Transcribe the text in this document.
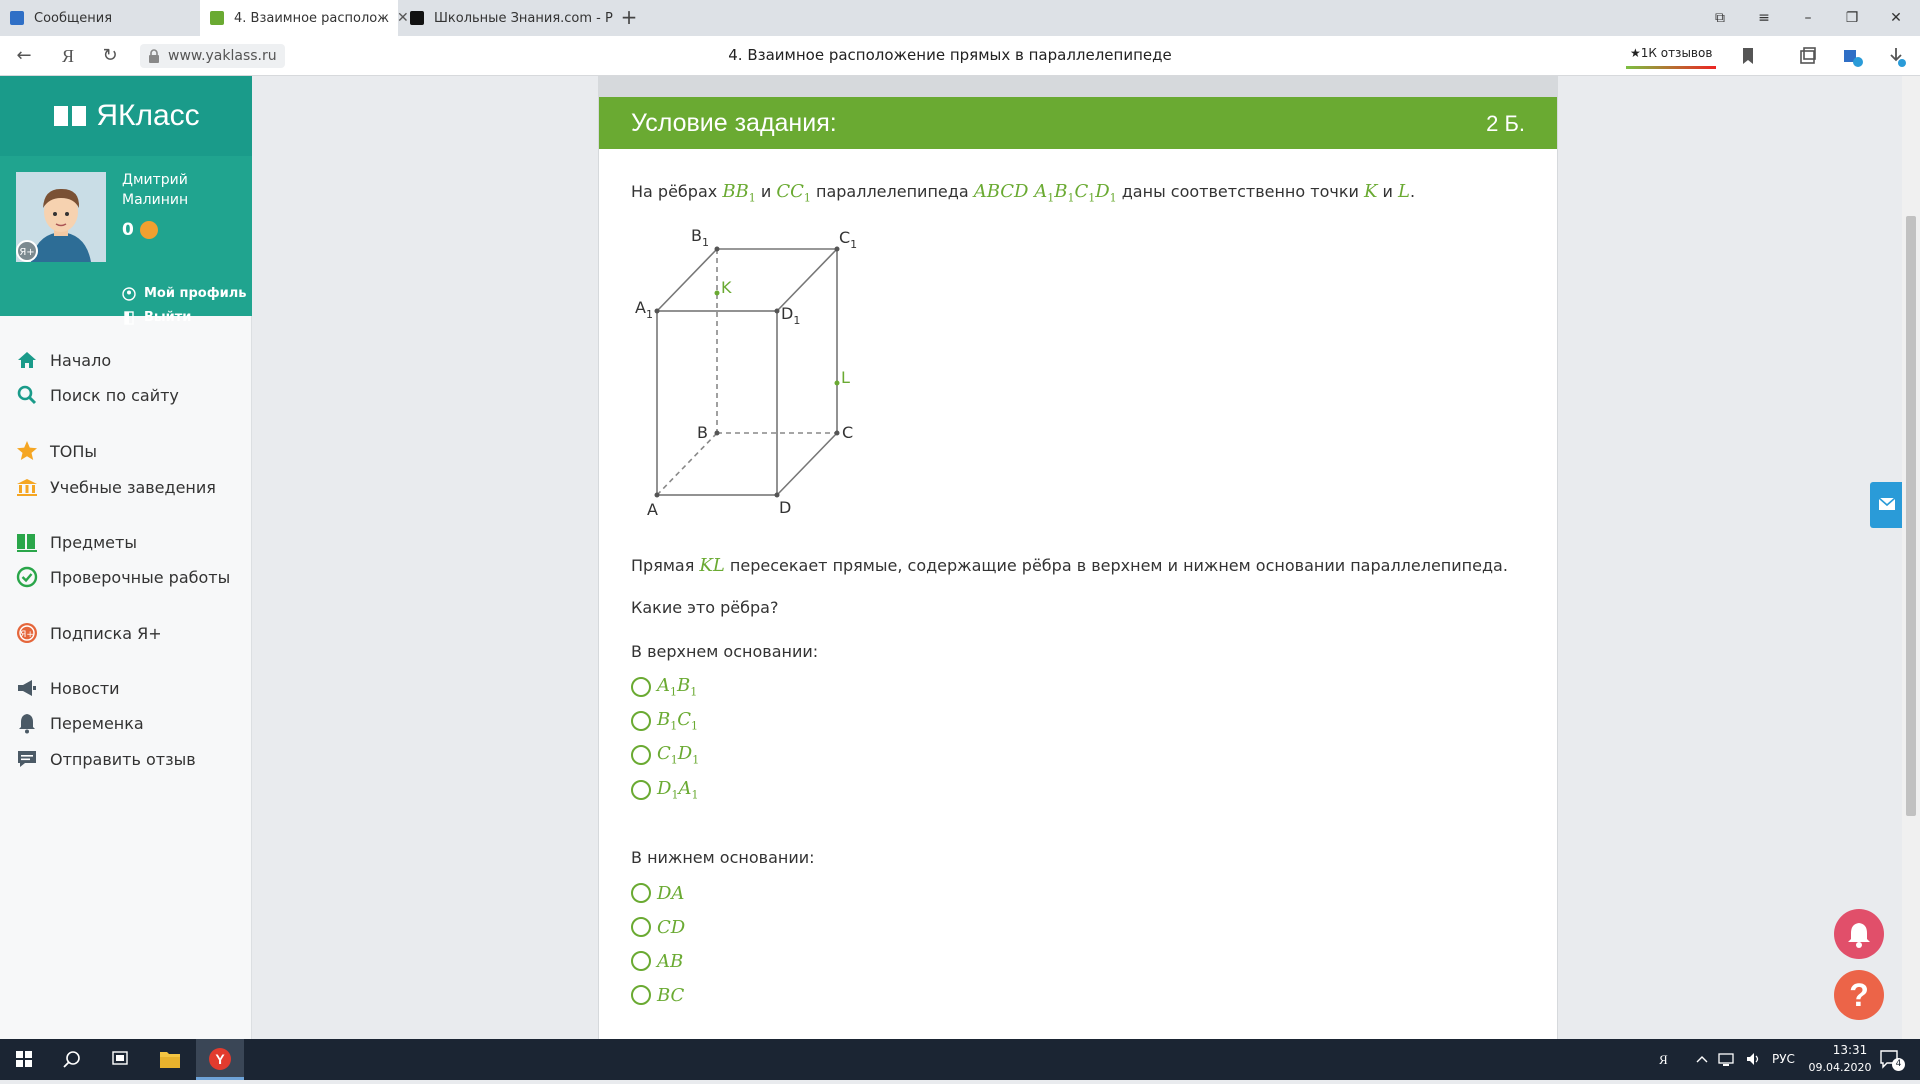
Сообщения	4. Взаимное располож ✕ Школьные Знания.com - Р +	⧉	≡	–	❐	✕
←	Я	↻	www.yaklass.ru	4. Взаимное расположение прямых в параллелепипеде	★1К отзывов
ЯКласс
Я+
Дмитрий Малинин
0
Мой профиль
Выйти
Начало
Поиск по сайту
ТОПы
Учебные заведения
Предметы
Проверочные работы
Я+ Подписка Я+
Новости
Переменка
Отправить отзыв
Условие задания:	2 Б.
На рёбрах $BB_1$ и $CC_1$ параллелепипеда ABCD $A_1B_1C_1D_1$ даны соответственно точки K и L.
$B_1$	$C_1$
$A_1$	$D_1$
B	C
A	D
K
L
Прямая KL пересекает прямые, содержащие рёбра в верхнем и нижнем основании параллелепипеда.
Какие это рёбра?
В верхнем основании:
$A_1B_1$
$B_1C_1$
$C_1D_1$
$D_1A_1$
В нижнем основании:
DA
CD
AB
BC	?
Y	Я	РУС
13:31
09.04.2020	4
